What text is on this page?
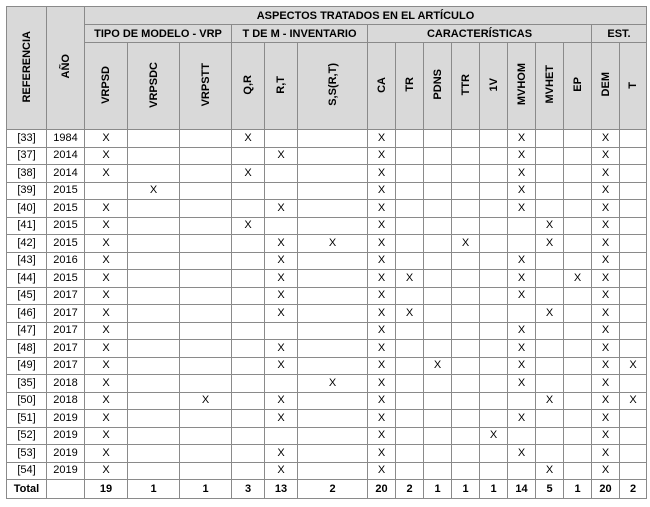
REFERENCIA	AÑO	ASPECTOS TRATADOS EN EL ARTÍCULO															
		TIPO DE MODELO - VRP			T DE M - INVENTARIO			CARACTERÍSTICAS								EST.	
		VRPSD	VRPSDC	VRPSTT	Q,R	R,T	S,S(R,T)	CA	TR	PDNS	TTR	1V	MVHOM	MVHET	EP	DEM	T
[33]	1984	X			X			X					X			X	
[37]	2014	X				X		X					X			X	
[38]	2014	X			X			X					X			X	
[39]	2015		X					X					X			X	
[40]	2015	X				X		X					X			X	
[41]	2015	X			X			X						X		X	
[42]	2015	X				X	X	X			X			X		X	
[43]	2016	X				X		X					X			X	
[44]	2015	X				X		X	X				X		X	X	
[45]	2017	X				X		X					X			X	
[46]	2017	X				X		X	X					X		X	
[47]	2017	X						X					X			X	
[48]	2017	X				X		X					X			X	
[49]	2017	X				X		X		X			X			X	X
[35]	2018	X					X	X					X			X	
[50]	2018	X		X		X		X						X		X	X
[51]	2019	X				X		X					X			X	
[52]	2019	X						X				X				X	
[53]	2019	X				X		X					X			X	
[54]	2019	X				X		X						X		X	
Total		19	1	1	3	13	2	20	2	1	1	1	14	5	1	20	2
